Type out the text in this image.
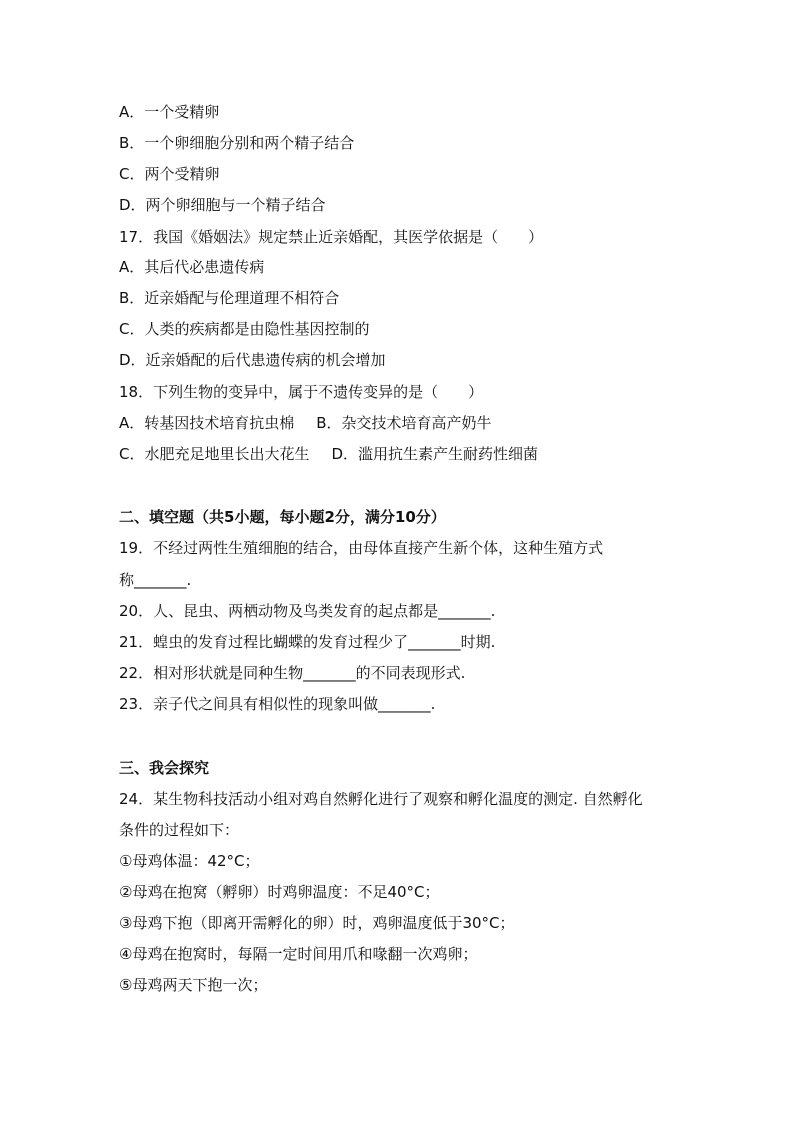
A．一个受精卵
B．一个卵细胞分别和两个精子结合
C．两个受精卵
D．两个卵细胞与一个精子结合
17．我国《婚姻法》规定禁止近亲婚配，其医学依据是（　　）
A．其后代必患遗传病
B．近亲婚配与伦理道理不相符合
C．人类的疾病都是由隐性基因控制的
D．近亲婚配的后代患遗传病的机会增加
18．下列生物的变异中，属于不遗传变异的是（　　）
A．转基因技术培育抗虫棉 B．杂交技术培育高产奶牛
C．水肥充足地里长出大花生 D．滥用抗生素产生耐药性细菌
二、填空题（共5小题，每小题2分，满分10分）
19．不经过两性生殖细胞的结合，由母体直接产生新个体，这种生殖方式
称_______.
20．人、昆虫、两栖动物及鸟类发育的起点都是_______.
21．蝗虫的发育过程比蝴蝶的发育过程少了_______时期.
22．相对形状就是同种生物_______的不同表现形式.
23．亲子代之间具有相似性的现象叫做_______.
三、我会探究
24．某生物科技活动小组对鸡自然孵化进行了观察和孵化温度的测定. 自然孵化
条件的过程如下：
①母鸡体温：42°C；
②母鸡在抱窝（孵卵）时鸡卵温度：不足40°C；
③母鸡下抱（即离开需孵化的卵）时，鸡卵温度低于30°C；
④母鸡在抱窝时，每隔一定时间用爪和喙翻一次鸡卵；
⑤母鸡两天下抱一次；
